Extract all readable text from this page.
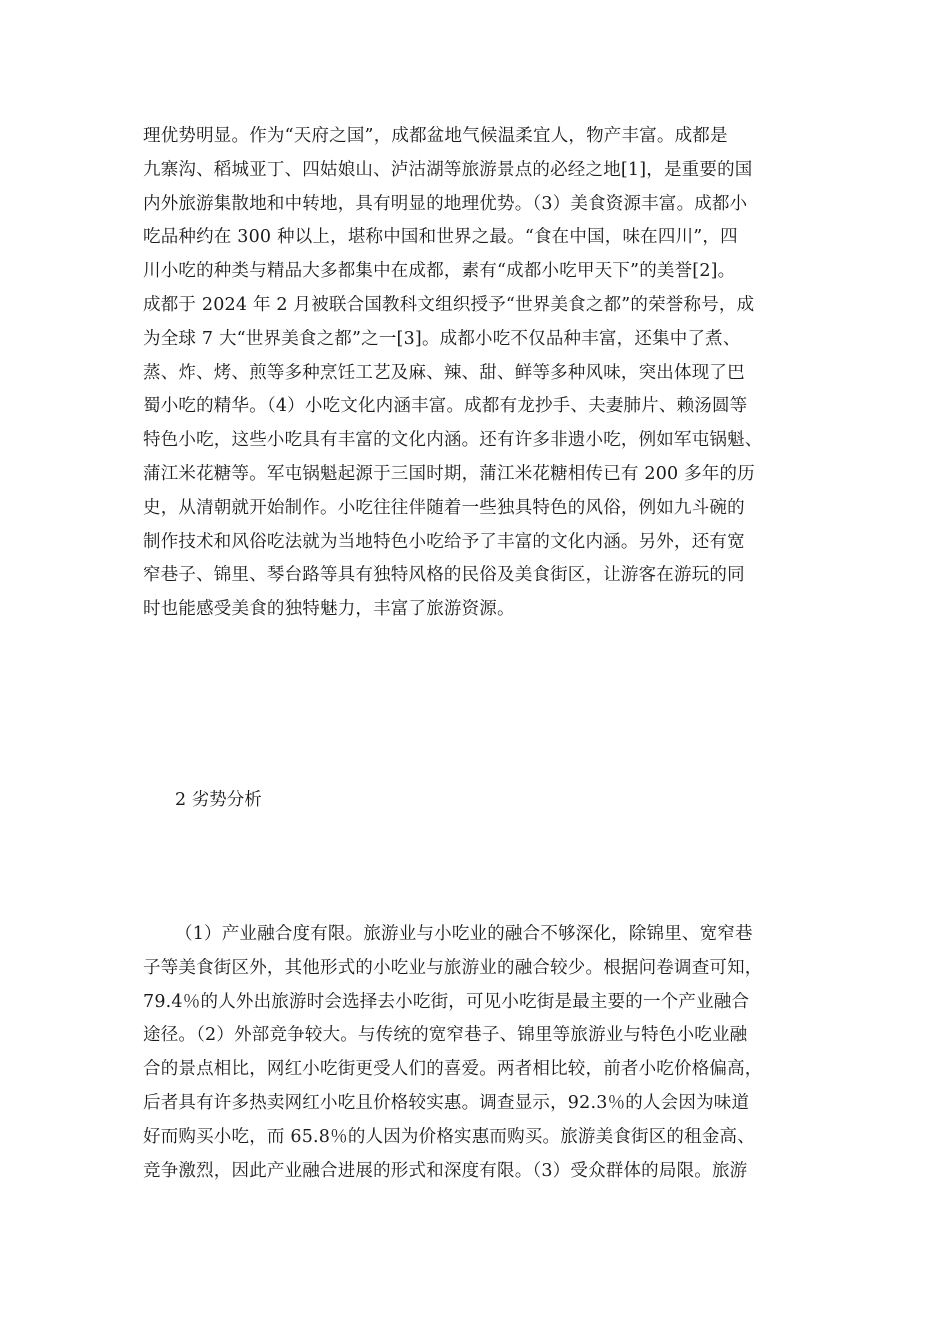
理优势明显。作为“天府之国”，成都盆地气候温柔宜人，物产丰富。成都是
九寨沟、稻城亚丁、四姑娘山、泸沽湖等旅游景点的必经之地[1]，是重要的国
内外旅游集散地和中转地，具有明显的地理优势。（3）美食资源丰富。成都小
吃品种约在 300 种以上，堪称中国和世界之最。“食在中国，味在四川”，四
川小吃的种类与精品大多都集中在成都，素有“成都小吃甲天下”的美誉[2]。
成都于 2024 年 2 月被联合国教科文组织授予“世界美食之都”的荣誉称号，成
为全球 7 大“世界美食之都”之一[3]。成都小吃不仅品种丰富，还集中了煮、
蒸、炸、烤、煎等多种烹饪工艺及麻、辣、甜、鲜等多种风味，突出体现了巴
蜀小吃的精华。（4）小吃文化内涵丰富。成都有龙抄手、夫妻肺片、赖汤圆等
特色小吃，这些小吃具有丰富的文化内涵。还有许多非遗小吃，例如军屯锅魁、
蒲江米花糖等。军屯锅魁起源于三国时期，蒲江米花糖相传已有 200 多年的历
史，从清朝就开始制作。小吃往往伴随着一些独具特色的风俗，例如九斗碗的
制作技术和风俗吃法就为当地特色小吃给予了丰富的文化内涵。另外，还有宽
窄巷子、锦里、琴台路等具有独特风格的民俗及美食街区，让游客在游玩的同
时也能感受美食的独特魅力，丰富了旅游资源。
2 劣势分析
（1）产业融合度有限。旅游业与小吃业的融合不够深化，除锦里、宽窄巷
子等美食街区外，其他形式的小吃业与旅游业的融合较少。根据问卷调查可知，
79.4％的人外出旅游时会选择去小吃街，可见小吃街是最主要的一个产业融合
途径。（2）外部竞争较大。与传统的宽窄巷子、锦里等旅游业与特色小吃业融
合的景点相比，网红小吃街更受人们的喜爱。两者相比较，前者小吃价格偏高，
后者具有许多热卖网红小吃且价格较实惠。调查显示，92.3％的人会因为味道
好而购买小吃，而 65.8％的人因为价格实惠而购买。旅游美食街区的租金高、
竞争激烈，因此产业融合进展的形式和深度有限。（3）受众群体的局限。旅游
